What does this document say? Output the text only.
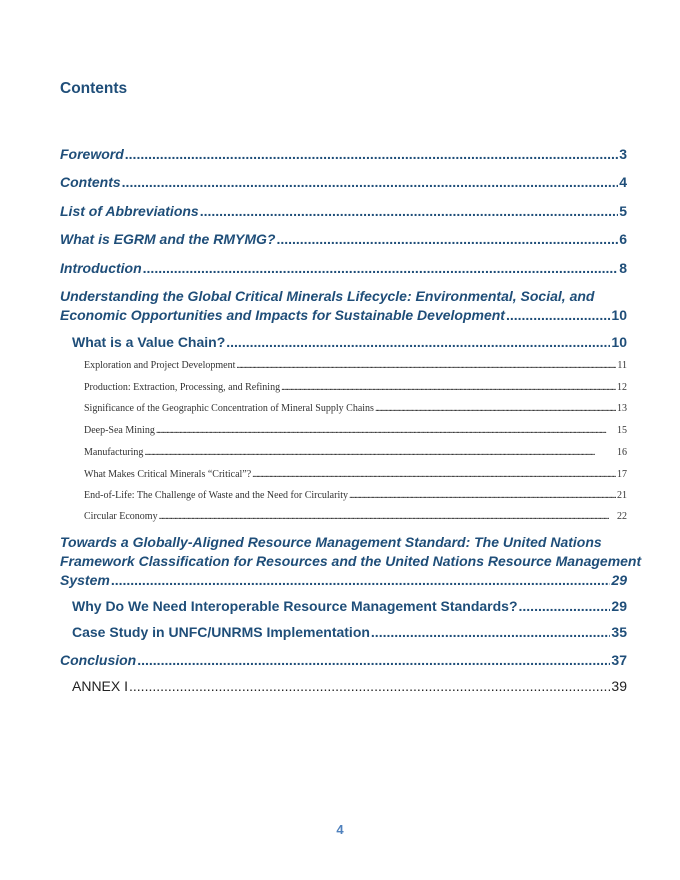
Contents
Foreword .....	3
Contents .....	4
List of Abbreviations .....	5
What is EGRM and the RMYMG? .....	6
Introduction .....	8
Understanding the Global Critical Minerals Lifecycle: Environmental, Social, and
Economic Opportunities and Impacts for Sustainable Development .....	10
What is a Value Chain? .....	10
Exploration and Project Development .....	11
Production: Extraction, Processing, and Refining .....	12
Significance of the Geographic Concentration of Mineral Supply Chains .....	13
Deep-Sea Mining .....	15
Manufacturing .....	16
What Makes Critical Minerals “Critical”? .....	17
End-of-Life: The Challenge of Waste and the Need for Circularity .....	21
Circular Economy .....	22
Towards a Globally-Aligned Resource Management Standard: The United Nations
Framework Classification for Resources and the United Nations Resource Management
System .....	29
Why Do We Need Interoperable Resource Management Standards? .....	29
Case Study in UNFC/UNRMS Implementation .....	35
Conclusion .....	37
ANNEX I .....	39
4
